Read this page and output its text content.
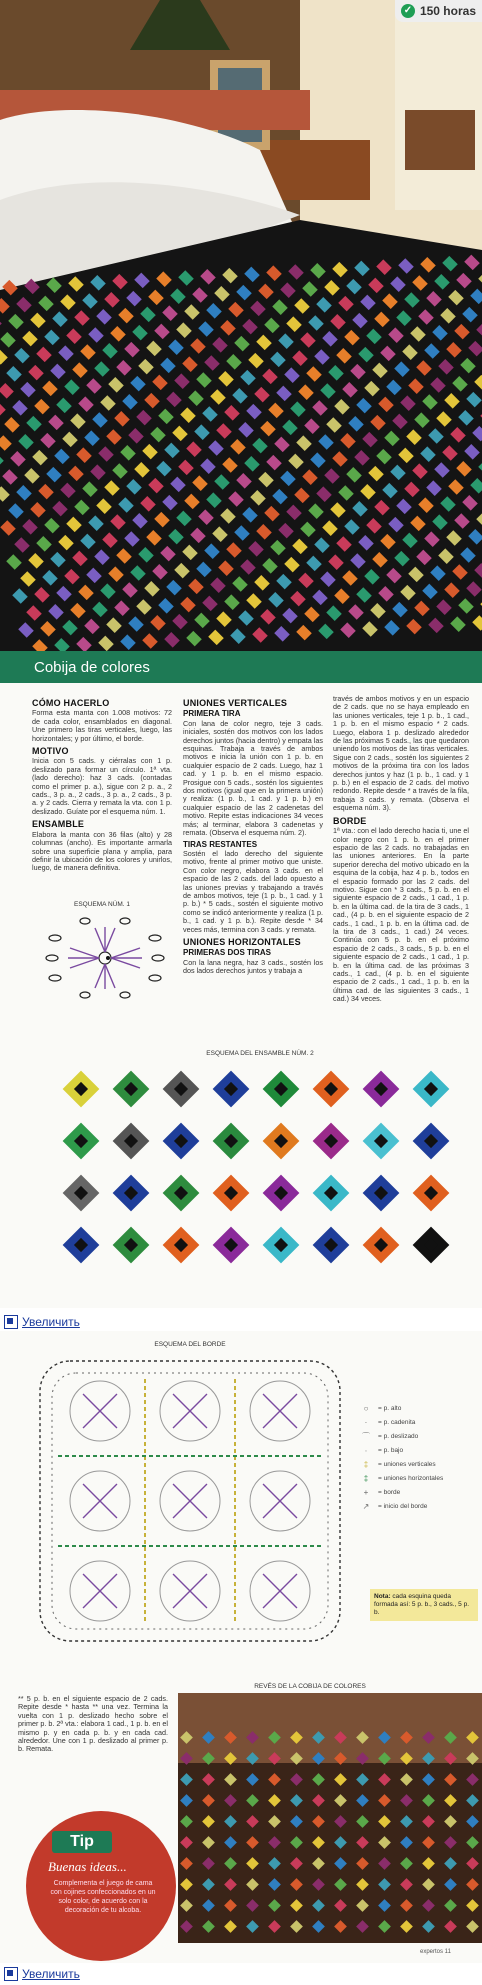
✓ 150 horas
Cobija de colores
CÓMO HACERLO

Forma esta manta con 1.008 motivos: 72 de cada color, ensamblados en diagonal. Une primero las tiras verticales, luego, las horizontales; y por último, el borde.

MOTIVO

Inicia con 5 cads. y ciérralas con 1 p. deslizado para formar un círculo. 1ª vta. (lado derecho): haz 3 cads. (contadas como el primer p. a.), sigue con 2 p. a., 2 cads., 3 p. a., 2 cads., 3 p. a., 2 cads., 3 p. a. y 2 cads. Cierra y remata la vta. con 1 p. deslizado. Guíate por el esquema núm. 1.

ENSAMBLE

Elabora la manta con 36 filas (alto) y 28 columnas (ancho). Es importante armarla sobre una superficie plana y amplia, para definir la ubicación de los colores y unirlos, luego, de manera definitiva.

ESQUEMA NÚM. 1
UNIONES VERTICALES
PRIMERA TIRA

Con lana de color negro, teje 3 cads. iniciales, sostén dos motivos con los lados derechos juntos (hacia dentro) y empata las esquinas. Trabaja a través de ambos motivos e inicia la unión con 1 p. b. en cualquier espacio de 2 cads. Luego, haz 1 cad. y 1 p. b. en el mismo espacio. Prosigue con 5 cads., sostén los siguientes dos motivos (igual que en la primera unión) y realiza: (1 p. b., 1 cad. y 1 p. b.) en cualquier espacio de las 2 cadenetas del motivo. Repite estas indicaciones 34 veces más; al terminar, elabora 3 cadenetas y remata. (Observa el esquema núm. 2).

TIRAS RESTANTES

Sostén el lado derecho del siguiente motivo, frente al primer motivo que uniste. Con color negro, elabora 3 cads. en el espacio de las 2 cads. del lado opuesto a las uniones previas y trabajando a través de ambos motivos, teje (1 p. b., 1 cad. y 1 p. b.) * 5 cads., sostén el siguiente motivo como se indicó anteriormente y realiza (1 p. b., 1 cad. y 1 p. b.). Repite desde * 34 veces más, termina con 3 cads. y remata.

UNIONES HORIZONTALES
PRIMERAS DOS TIRAS

Con la lana negra, haz 3 cads., sostén los dos lados derechos juntos y trabaja a

través de ambos motivos y en un espacio de 2 cads. que no se haya empleado en las uniones verticales, teje 1 p. b., 1 cad., 1 p. b. en el mismo espacio * 2 cads. Luego, elabora 1 p. deslizado alrededor de las próximas 5 cads., las que quedaron uniendo los motivos de las tiras verticales. Sigue con 2 cads., sostén los siguientes 2 motivos de la próxima tira con los lados derechos juntos y haz (1 p. b., 1 cad. y 1 p. b.) en el espacio de 2 cads. del motivo redondo. Repite desde * a través de la fila, trabaja 3 cads. y remata. (Observa el esquema núm. 3).

BORDE

1ª vta.: con el lado derecho hacia ti, une el color negro con 1 p. b. en el primer espacio de las 2 cads. no trabajadas en las uniones anteriores. En la parte superior derecha del motivo ubicado en la esquina de la cobija, haz 4 p. b., todos en el espacio formado por las 2 cads. del motivo. Sigue con * 3 cads., 5 p. b. en el siguiente espacio de 2 cads., 1 cad., 1 p. b. en la última cad. de la tira de 3 cads., 1 cad., (4 p. b. en el siguiente espacio de 2 cads., 1 cad., 1 p. b. en la última cad. de la tira de 3 cads., 1 cad.) 24 veces. Continúa con 5 p. b. en el próximo espacio de 2 cads., 3 cads., 5 p. b. en el siguiente espacio de 2 cads., 1 cad., 1 p. b. en la última cad. de las próximas 3 cads., 1 cad., (4 p. b. en el siguiente espacio de 2 cads., 1 cad., 1 p. b. en la última cad. de las siguientes 3 cads., 1 cad.) 34 veces.

ESQUEMA DEL ENSAMBLE NÚM. 2
Увеличить
ESQUEMA DEL BORDE
○	= p. alto
·	= p. cadenita
⌒	= p. deslizado
∙	= p. bajo
‡	= uniones verticales
‡	= uniones horizontales
+	= borde
↗	= inicio del borde
Nota: cada esquina queda formada así: 5 p. b., 3 cads., 5 p. b.
REVÉS DE LA COBIJA DE COLORES

** 5 p. b. en el siguiente espacio de 2 cads. Repite desde * hasta ** una vez. Termina la vuelta con 1 p. deslizado hecho sobre el primer p. b. 2ª vta.: elabora 1 cad., 1 p. b. en el mismo p. y en cada p. b. y en cada cad. alrededor. Une con 1 p. deslizado al primer p. b. Remata.

Tip
Buenas ideas...
Complementa el juego de cama con cojines confeccionados en un solo color, de acuerdo con la decoración de tu alcoba.
expertos 11
Увеличить
